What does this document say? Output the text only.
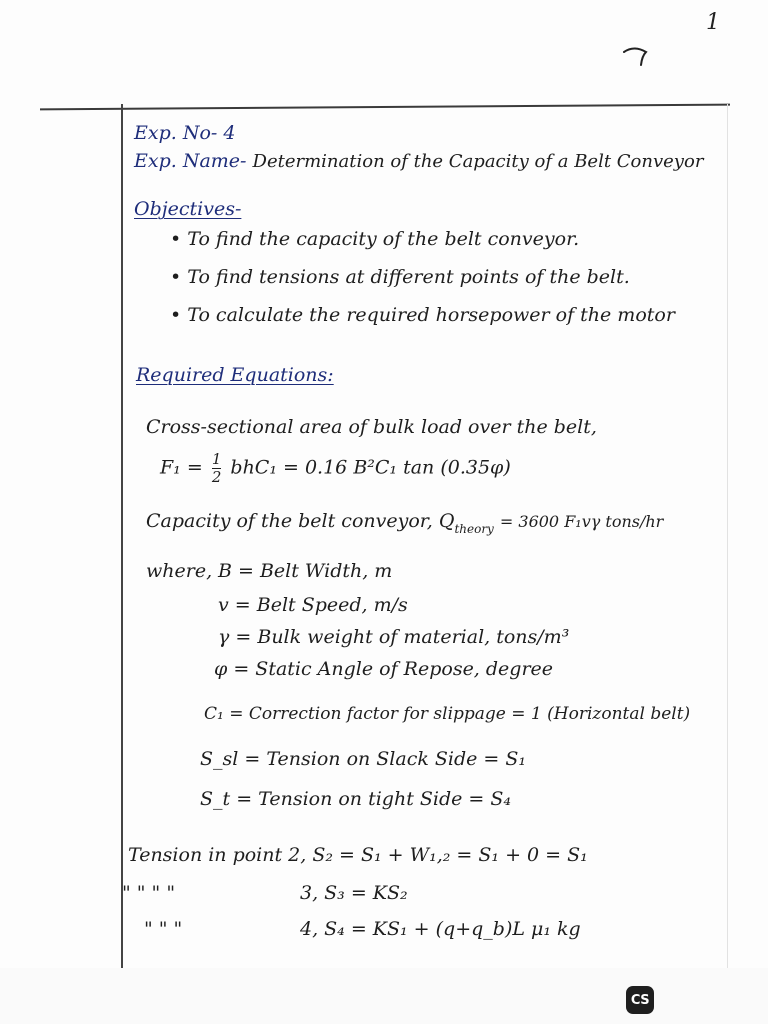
1
Exp. No- 4
Exp. Name- Determination of the Capacity of a Belt Conveyor
Objectives-
• To find the capacity of the belt conveyor.
• To find tensions at different points of the belt.
• To calculate the required horsepower of the motor
Required Equations:
Cross-sectional area of bulk load over the belt,
$F_1 = \frac{1}{2} bhC_1 = 0.16$ B²C₁ tan (0.35φ)
Capacity of the belt conveyor, $Q_{theory} = 3600$ F₁vγ tons/hr
where, B = Belt Width, m
v = Belt Speed, m/s
γ = Bulk weight of material, tons/m³
φ = Static Angle of Repose, degree
C₁ = Correction factor for slippage = 1 (Horizontal belt)
S_sl = Tension on Slack Side = S₁
S_t = Tension on tight Side = S₄
Tension in point 2, S₂ = S₁ + W₁,₂ = S₁ + 0 = S₁
" " " "	3, S₃ = KS₂
" " "	4, S₄ = KS₁ + (q+q_b)L μ₁ kg
CS
